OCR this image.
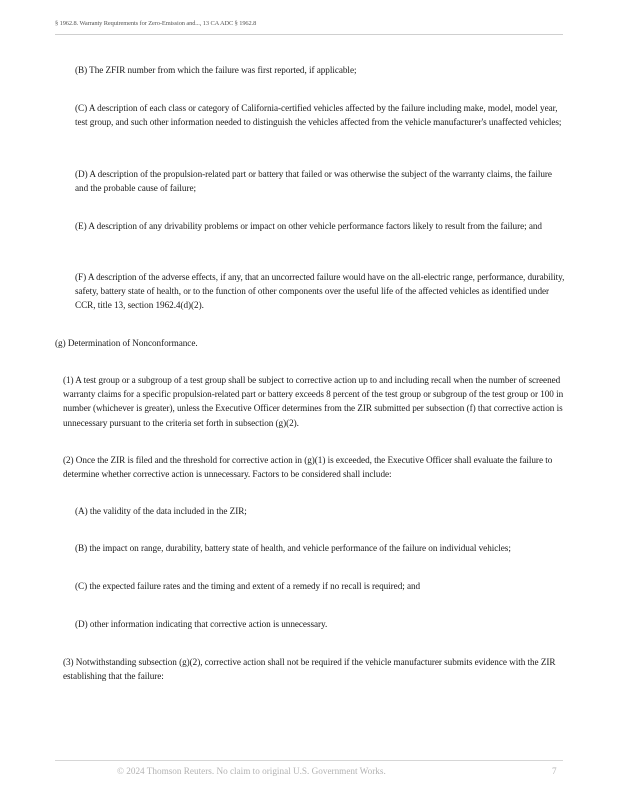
§ 1962.8. Warranty Requirements for Zero-Emission and..., 13 CA ADC § 1962.8

(B) The ZFIR number from which the failure was first reported, if applicable;

(C) A description of each class or category of California-certified vehicles affected by the failure including make, model, model year, test group, and such other information needed to distinguish the vehicles affected from the vehicle manufacturer's unaffected vehicles;

(D) A description of the propulsion-related part or battery that failed or was otherwise the subject of the warranty claims, the failure and the probable cause of failure;

(E) A description of any drivability problems or impact on other vehicle performance factors likely to result from the failure; and

(F) A description of the adverse effects, if any, that an uncorrected failure would have on the all-electric range, performance, durability, safety, battery state of health, or to the function of other components over the useful life of the affected vehicles as identified under CCR, title 13, section 1962.4(d)(2).

(g) Determination of Nonconformance.

(1) A test group or a subgroup of a test group shall be subject to corrective action up to and including recall when the number of screened warranty claims for a specific propulsion-related part or battery exceeds 8 percent of the test group or subgroup of the test group or 100 in number (whichever is greater), unless the Executive Officer determines from the ZIR submitted per subsection (f) that corrective action is unnecessary pursuant to the criteria set forth in subsection (g)(2).

(2) Once the ZIR is filed and the threshold for corrective action in (g)(1) is exceeded, the Executive Officer shall evaluate the failure to determine whether corrective action is unnecessary. Factors to be considered shall include:

(A) the validity of the data included in the ZIR;

(B) the impact on range, durability, battery state of health, and vehicle performance of the failure on individual vehicles;

(C) the expected failure rates and the timing and extent of a remedy if no recall is required; and

(D) other information indicating that corrective action is unnecessary.

(3) Notwithstanding subsection (g)(2), corrective action shall not be required if the vehicle manufacturer submits evidence with the ZIR establishing that the failure:

© 2024 Thomson Reuters. No claim to original U.S. Government Works.	7
